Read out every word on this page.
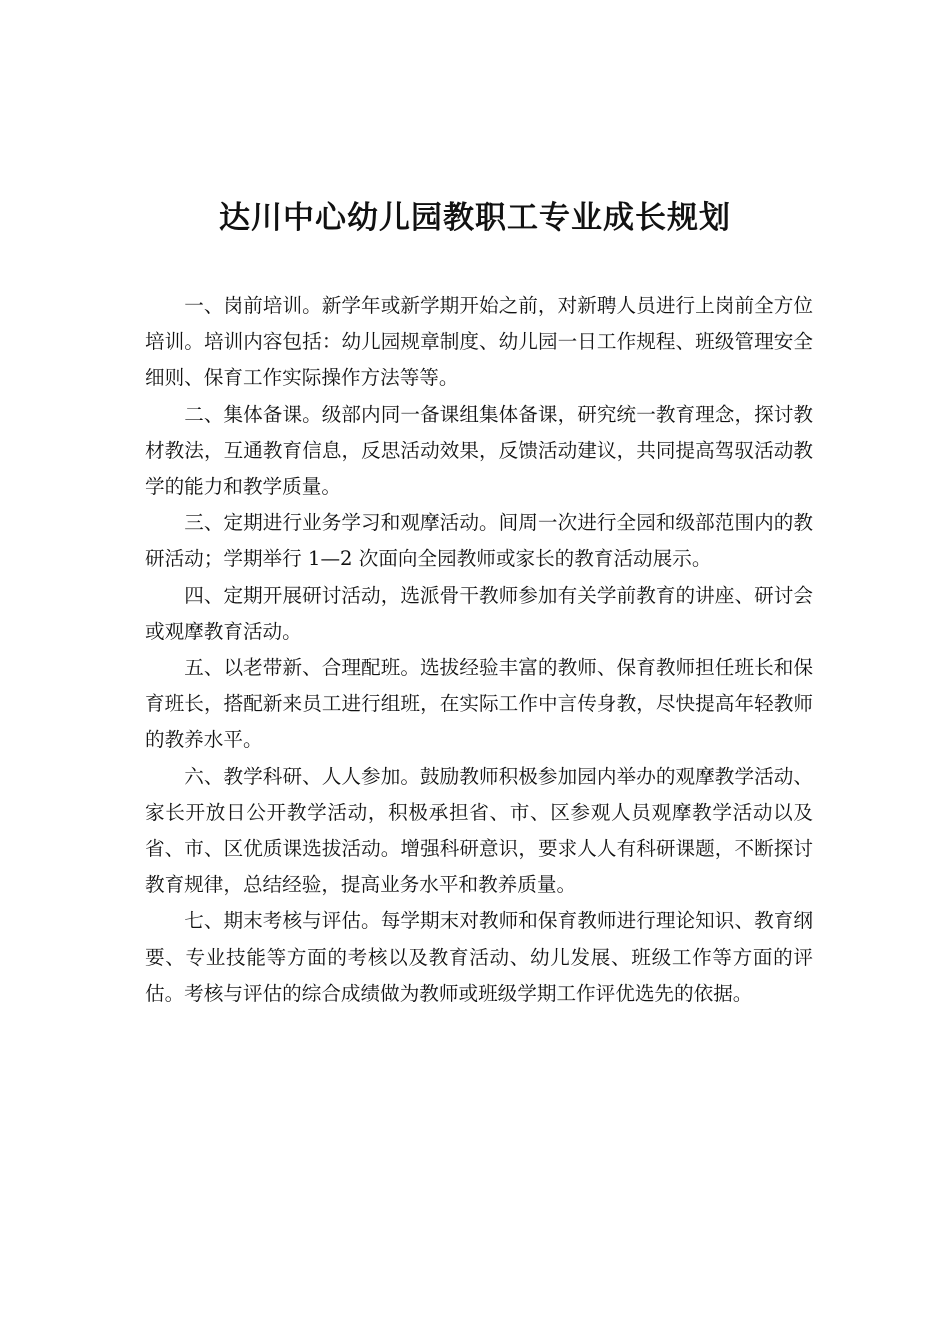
达川中心幼儿园教职工专业成长规划

一、岗前培训。新学年或新学期开始之前，对新聘人员进行上岗前全方位培训。培训内容包括：幼儿园规章制度、幼儿园一日工作规程、班级管理安全细则、保育工作实际操作方法等等。

二、集体备课。级部内同一备课组集体备课，研究统一教育理念，探讨教材教法，互通教育信息，反思活动效果，反馈活动建议，共同提高驾驭活动教学的能力和教学质量。

三、定期进行业务学习和观摩活动。间周一次进行全园和级部范围内的教研活动；学期举行 1—2 次面向全园教师或家长的教育活动展示。

四、定期开展研讨活动，选派骨干教师参加有关学前教育的讲座、研讨会或观摩教育活动。

五、以老带新、合理配班。选拔经验丰富的教师、保育教师担任班长和保育班长，搭配新来员工进行组班，在实际工作中言传身教，尽快提高年轻教师的教养水平。

六、教学科研、人人参加。鼓励教师积极参加园内举办的观摩教学活动、家长开放日公开教学活动，积极承担省、市、区参观人员观摩教学活动以及省、市、区优质课选拔活动。增强科研意识，要求人人有科研课题，不断探讨教育规律，总结经验，提高业务水平和教养质量。

七、期末考核与评估。每学期末对教师和保育教师进行理论知识、教育纲要、专业技能等方面的考核以及教育活动、幼儿发展、班级工作等方面的评估。考核与评估的综合成绩做为教师或班级学期工作评优选先的依据。
